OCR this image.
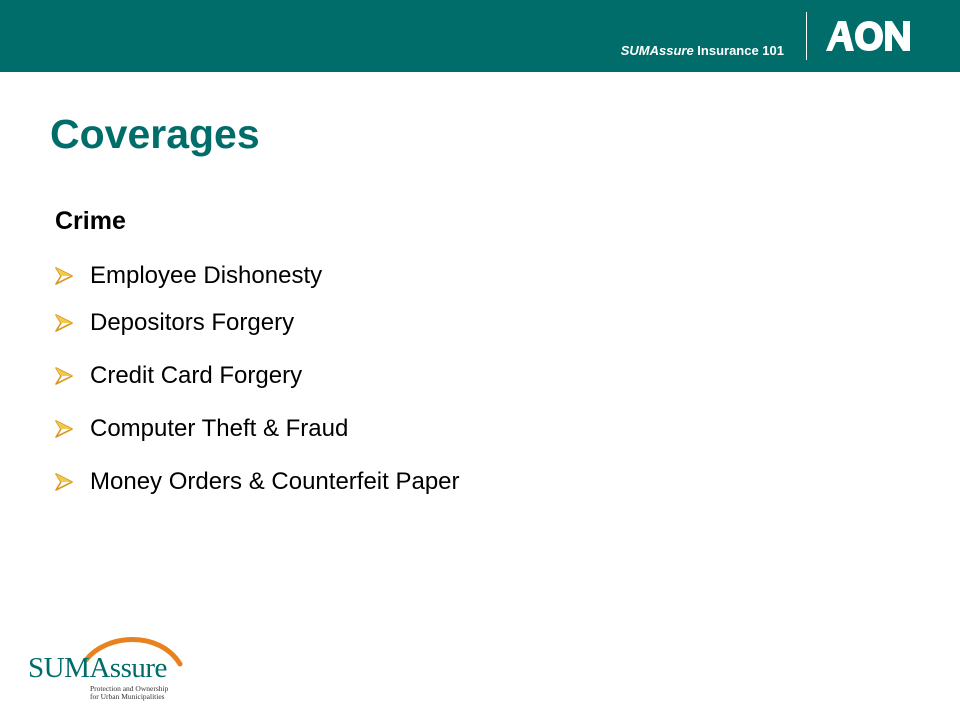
SUMAssure Insurance 101
Coverages
Crime
Employee Dishonesty
Depositors Forgery
Credit Card Forgery
Computer Theft & Fraud
Money Orders & Counterfeit Paper
SUMAssure
Protection and Ownership
for Urban Municipalities
